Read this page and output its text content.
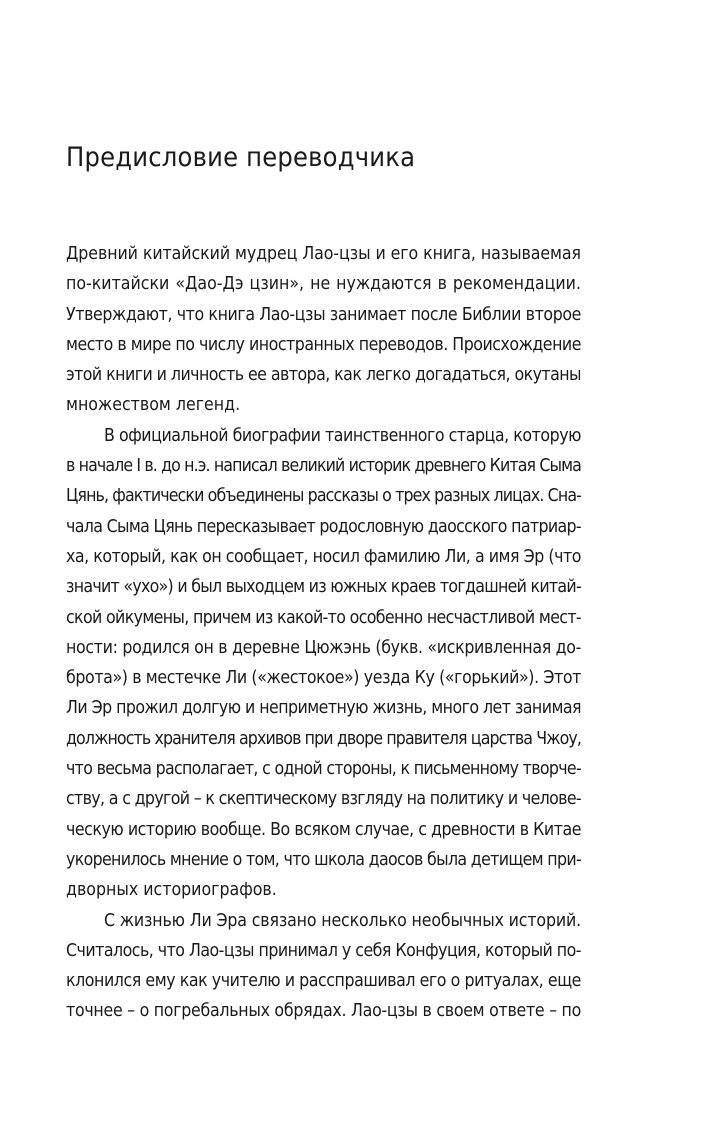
Предисловие переводчика
Древний китайский мудрец Лао-цзы и его книга, называемая
по-китайски «Дао-Дэ цзин», не нуждаются в рекомендации.
Утверждают, что книга Лао-цзы занимает после Библии второе
место в мире по числу иностранных переводов. Происхождение
этой книги и личность ее автора, как легко догадаться, окутаны
множеством легенд.
В официальной биографии таинственного старца, которую
в начале I в. до н.э. написал великий историк древнего Китая Сыма
Цянь, фактически объединены рассказы о трех разных лицах. Сна-
чала Сыма Цянь пересказывает родословную даосского патриар-
ха, который, как он сообщает, носил фамилию Ли, а имя Эр (что
значит «ухо») и был выходцем из южных краев тогдашней китай-
ской ойкумены, причем из какой-то особенно несчастливой мест-
ности: родился он в деревне Цюжэнь (букв. «искривленная до-
брота») в местечке Ли («жестокое») уезда Ку («горький»). Этот
Ли Эр прожил долгую и неприметную жизнь, много лет занимая
должность хранителя архивов при дворе правителя царства Чжоу,
что весьма располагает, с одной стороны, к письменному творче-
ству, а с другой – к скептическому взгляду на политику и челове-
ческую историю вообще. Во всяком случае, с древности в Китае
укоренилось мнение о том, что школа даосов была детищем при-
дворных историографов.
С жизнью Ли Эра связано несколько необычных историй.
Считалось, что Лао-цзы принимал у себя Конфуция, который по-
клонился ему как учителю и расспрашивал его о ритуалах, еще
точнее – о погребальных обрядах. Лао-цзы в своем ответе – по
